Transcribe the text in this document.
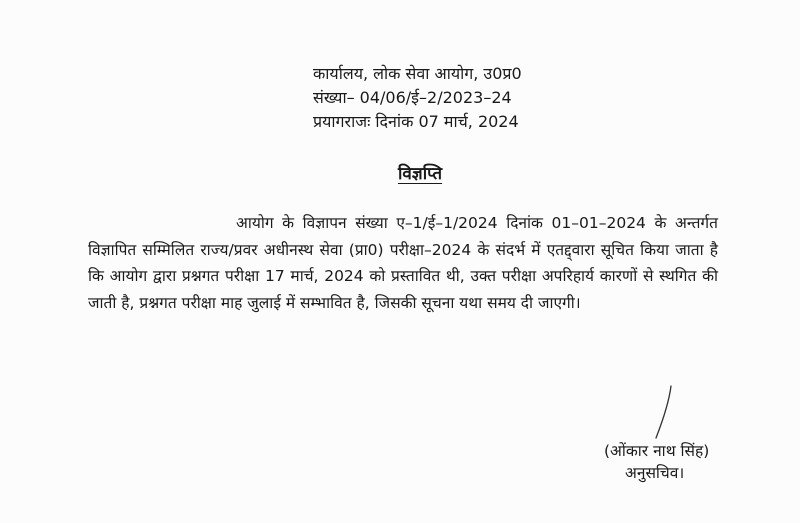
कार्यालय, लोक सेवा आयोग, उ0प्र0
संख्या– 04/06/ई–2/2023–24
प्रयागराजः दिनांक 07 मार्च, 2024
विज्ञप्ति
आयोग के विज्ञापन संख्या ए–1/ई–1/2024 दिनांक 01–01–2024 के अन्तर्गत विज्ञापित सम्मिलित राज्य/प्रवर अधीनस्थ सेवा (प्रा0) परीक्षा–2024 के संदर्भ में एतद्द्वारा सूचित किया जाता है कि आयोग द्वारा प्रश्नगत परीक्षा 17 मार्च, 2024 को प्रस्तावित थी, उक्त परीक्षा अपरिहार्य कारणों से स्थगित की जाती है, प्रश्नगत परीक्षा माह जुलाई में सम्भावित है, जिसकी सूचना यथा समय दी जाएगी।
(ओंकार नाथ सिंह)
अनुसचिव।
